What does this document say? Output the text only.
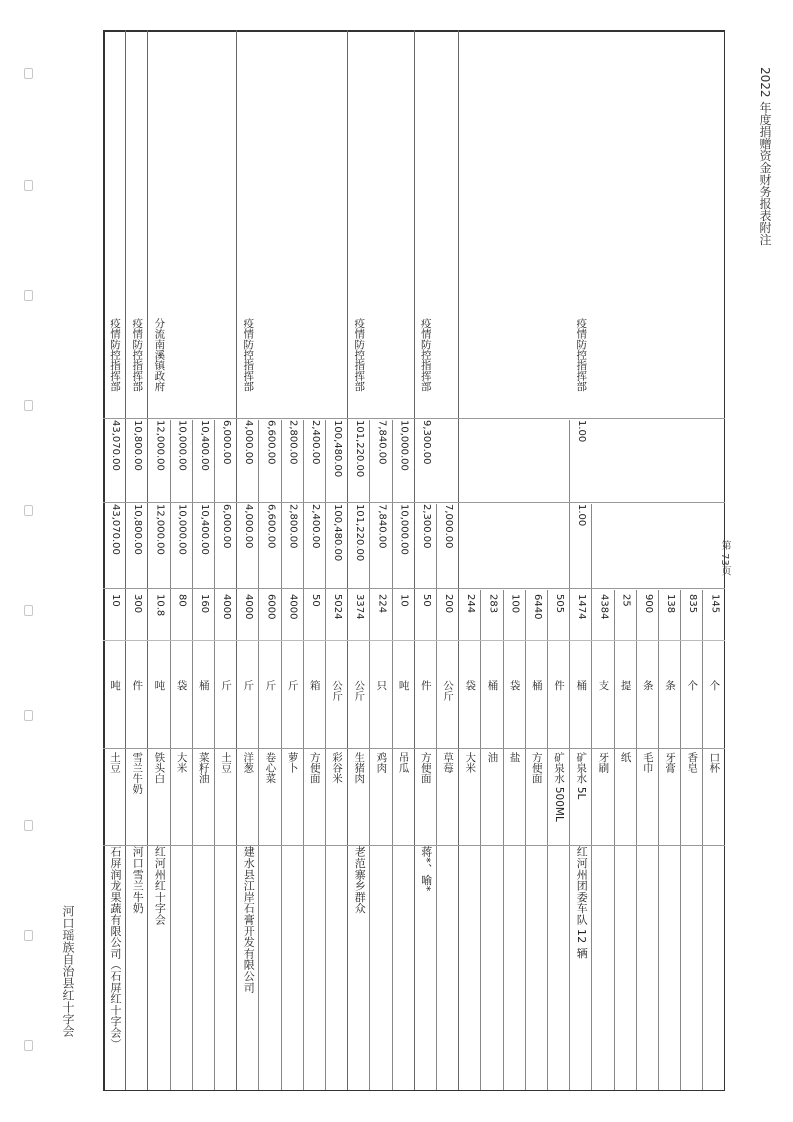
2022 年度捐赠资金财务报表附注
河口瑶族自治县红十字会
疫情防控指挥部
43,070.00
43,070.00
10
吨
土豆
石屏润龙果蔬有限公司（石屏红十字会）
疫情防控指挥部
10,800.00
10,800.00
300
件
雪兰牛奶
河口雪兰牛奶
分流南溪镇政府
12,000.00
12,000.00
10.8
吨
铁头白
红河州红十字会
10,000.00
10,000.00
80
袋
大米
10,400.00
10,400.00
160
桶
菜籽油
6,000.00
6,000.00
4000
斤
土豆
疫情防控指挥部
4,000.00
4,000.00
4000
斤
洋葱
建水县江岸石膏开发有限公司
6,600.00
6,600.00
6000
斤
卷心菜
2,800.00
2,800.00
4000
斤
萝卜
2,400.00
2,400.00
50
箱
方便面
100,480.00
100,480.00
5024
公斤
彩谷米
疫情防控指挥部
101,220.00
101,220.00
3374
公斤
生猪肉
老范寨乡群众
7,840.00
7,840.00
224
只
鸡肉
10,000.00
10,000.00
10
吨
吊瓜
疫情防控指挥部
9,300.00
2,300.00
50
件
方便面
蒋*、喻*
7,000.00
200
公斤
草莓
244
袋
大米
283
桶
油
100
袋
盐
6440
桶
方便面
505
件
矿泉水 500ML
疫情防控指挥部
1.00
1.00
1474
桶
矿泉水 5L
红河州团委车队 12 辆
4384
支
牙刷
25
提
纸
900
条
毛巾
138
条
牙膏
835
个
香皂
145
个
口杯
